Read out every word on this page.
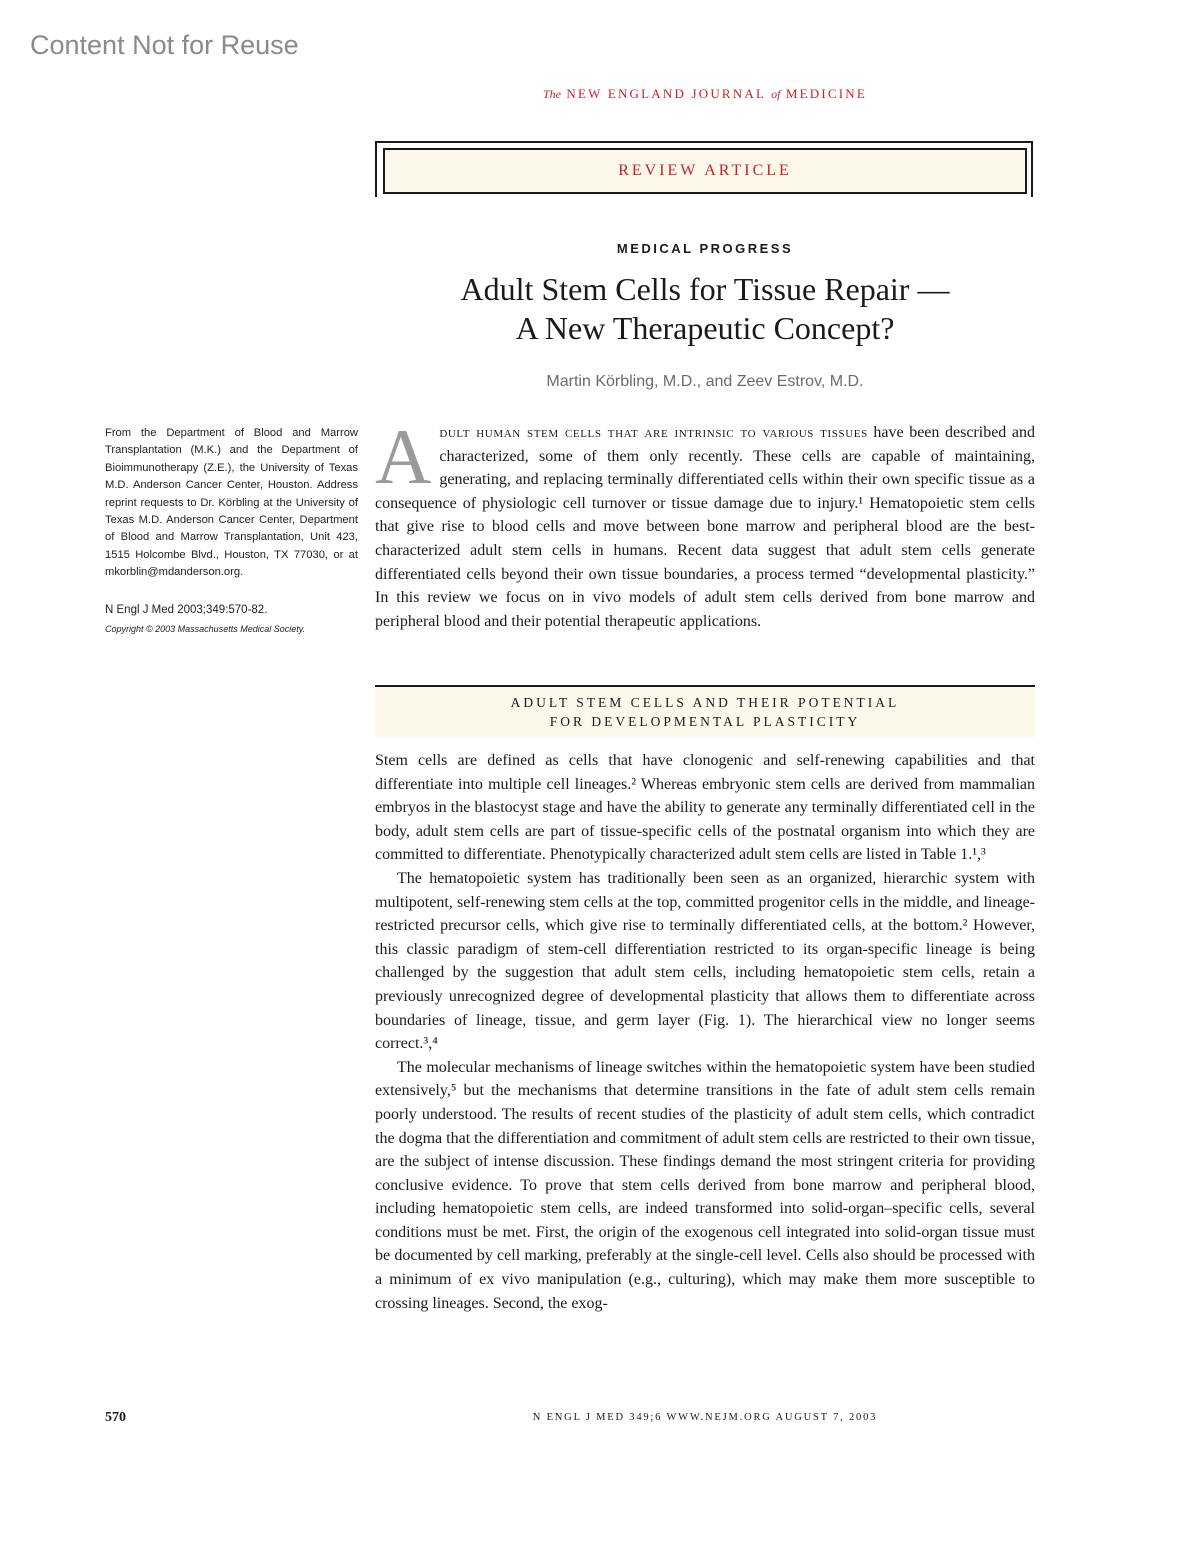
Content Not for Reuse
The NEW ENGLAND JOURNAL of MEDICINE
REVIEW ARTICLE
MEDICAL PROGRESS
Adult Stem Cells for Tissue Repair —
A New Therapeutic Concept?
Martin Körbling, M.D., and Zeev Estrov, M.D.
From the Department of Blood and Marrow Transplantation (M.K.) and the Department of Bioimmunotherapy (Z.E.), the University of Texas M.D. Anderson Cancer Center, Houston. Address reprint requests to Dr. Körbling at the University of Texas M.D. Anderson Cancer Center, Department of Blood and Marrow Transplantation, Unit 423, 1515 Holcombe Blvd., Houston, TX 77030, or at mkorblin@mdanderson.org.
N Engl J Med 2003;349:570-82.
Copyright © 2003 Massachusetts Medical Society.
A dult human stem cells that are intrinsic to various tissues have been described and characterized, some of them only recently. These cells are capable of maintaining, generating, and replacing terminally differentiated cells within their own specific tissue as a consequence of physiologic cell turnover or tissue damage due to injury.¹ Hematopoietic stem cells that give rise to blood cells and move between bone marrow and peripheral blood are the best-characterized adult stem cells in humans. Recent data suggest that adult stem cells generate differentiated cells beyond their own tissue boundaries, a process termed “developmental plasticity.” In this review we focus on in vivo models of adult stem cells derived from bone marrow and peripheral blood and their potential therapeutic applications.
ADULT STEM CELLS AND THEIR POTENTIAL
FOR DEVELOPMENTAL PLASTICITY

Stem cells are defined as cells that have clonogenic and self-renewing capabilities and that differentiate into multiple cell lineages.² Whereas embryonic stem cells are derived from mammalian embryos in the blastocyst stage and have the ability to generate any terminally differentiated cell in the body, adult stem cells are part of tissue-specific cells of the postnatal organism into which they are committed to differentiate. Phenotypically characterized adult stem cells are listed in Table 1.¹,³

The hematopoietic system has traditionally been seen as an organized, hierarchic system with multipotent, self-renewing stem cells at the top, committed progenitor cells in the middle, and lineage-restricted precursor cells, which give rise to terminally differentiated cells, at the bottom.² However, this classic paradigm of stem-cell differentiation restricted to its organ-specific lineage is being challenged by the suggestion that adult stem cells, including hematopoietic stem cells, retain a previously unrecognized degree of developmental plasticity that allows them to differentiate across boundaries of lineage, tissue, and germ layer (Fig. 1). The hierarchical view no longer seems correct.³,⁴

The molecular mechanisms of lineage switches within the hematopoietic system have been studied extensively,⁵ but the mechanisms that determine transitions in the fate of adult stem cells remain poorly understood. The results of recent studies of the plasticity of adult stem cells, which contradict the dogma that the differentiation and commitment of adult stem cells are restricted to their own tissue, are the subject of intense discussion. These findings demand the most stringent criteria for providing conclusive evidence. To prove that stem cells derived from bone marrow and peripheral blood, including hematopoietic stem cells, are indeed transformed into solid-organ–specific cells, several conditions must be met. First, the origin of the exogenous cell integrated into solid-organ tissue must be documented by cell marking, preferably at the single-cell level. Cells also should be processed with a minimum of ex vivo manipulation (e.g., culturing), which may make them more susceptible to crossing lineages. Second, the exog-

570	N ENGL J MED 349;6 WWW.NEJM.ORG AUGUST 7, 2003
